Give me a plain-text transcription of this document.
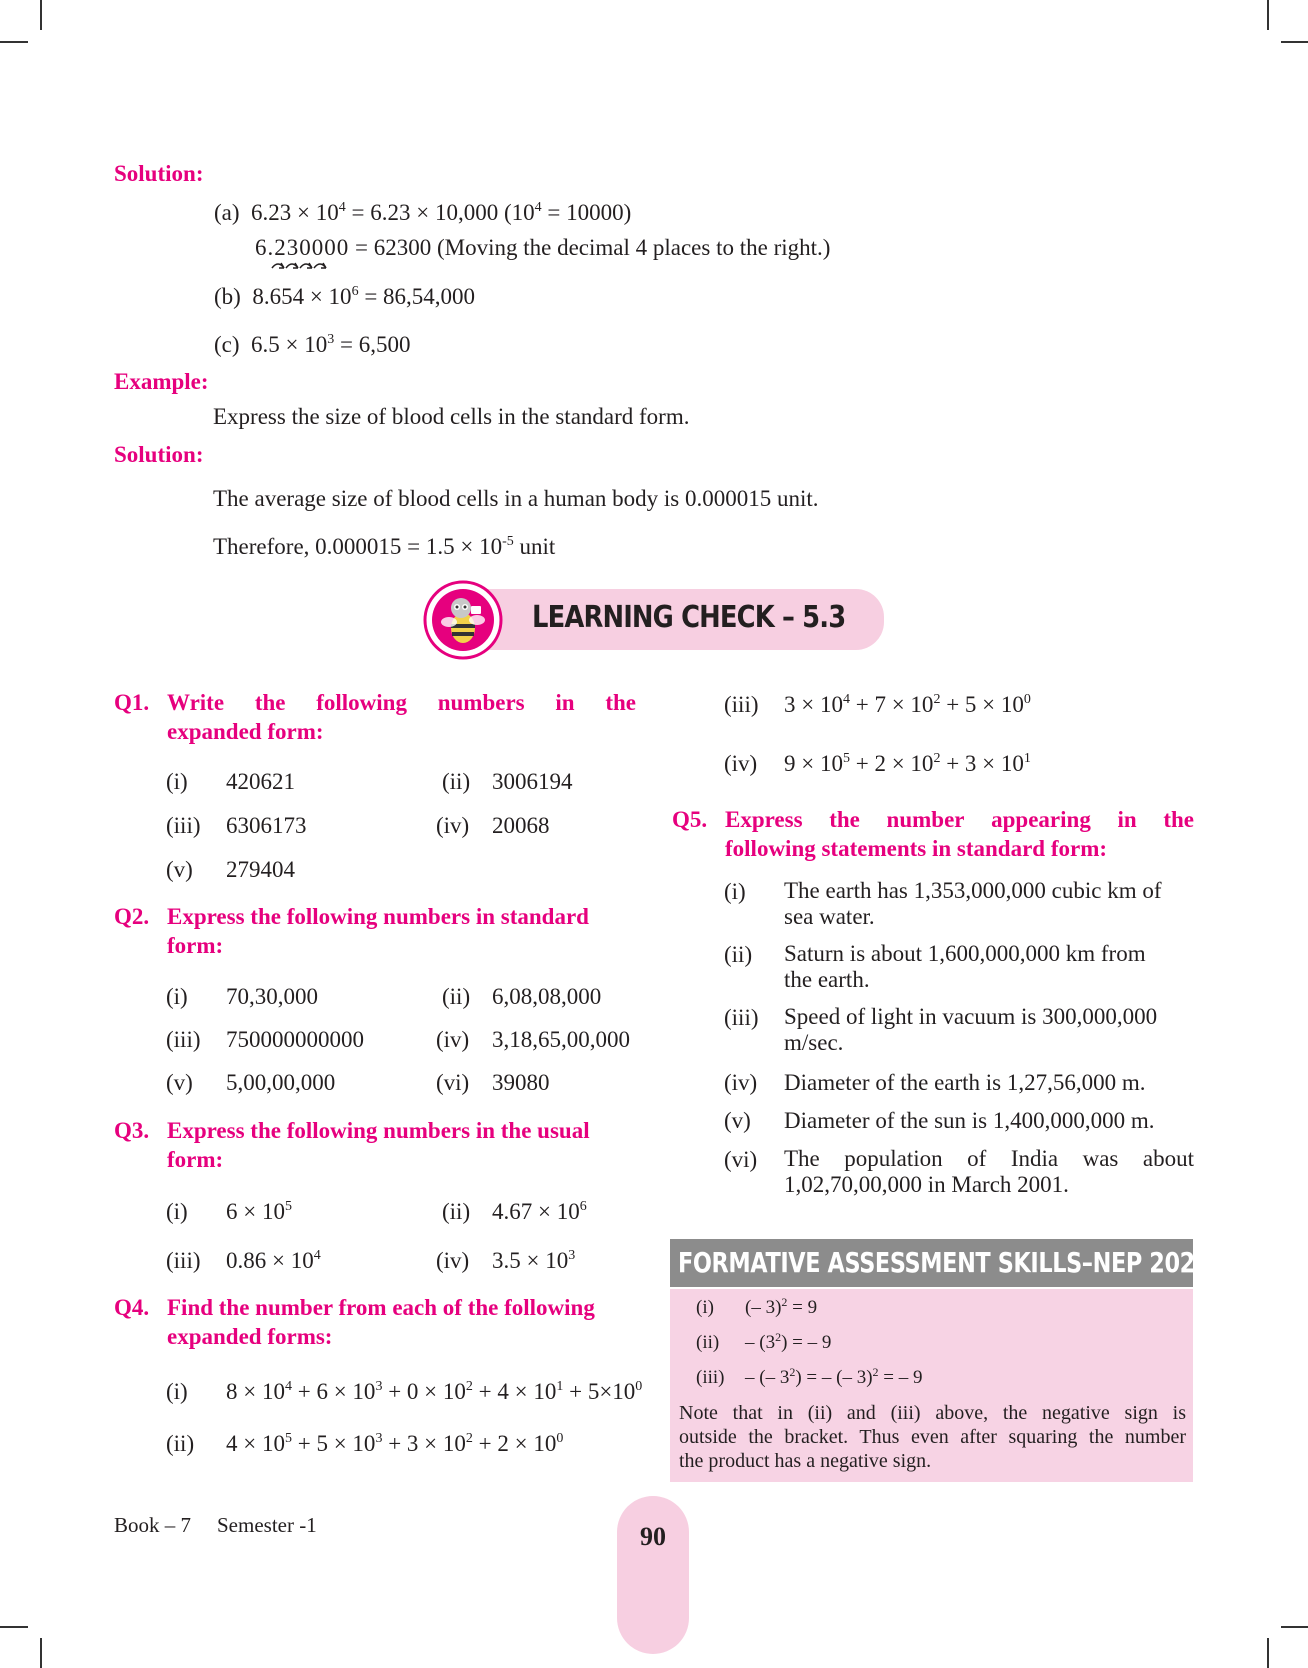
Solution:
(a) $6.23 \times 10^4 = 6.23 \times 10,000$ $(10^4 = 10000)$
6.230000 = 62300 (Moving the decimal 4 places to the right.)
(b) $8.654 \times 10^6 = 86,54,000$
(c) $6.5 \times 10^3 = 6,500$
Example:
Express the size of blood cells in the standard form.
Solution:
The average size of blood cells in a human body is 0.000015 unit.
Therefore, $0.000015 = 1.5 \times 10^{-5}$ unit
LEARNING CHECK – 5.3
Q1. Write the following numbers in the
expanded form:
(i) 420621	(ii) 3006194
(iii) 6306173	(iv) 20068
(v) 279404
Q2. Express the following numbers in standard
form:
(i) 70,30,000	(ii) 6,08,08,000
(iii) 750000000000	(iv) 3,18,65,00,000
(v) 5,00,00,000	(vi) 39080
Q3. Express the following numbers in the usual
form:
(i) $6 \times 10^5$	(ii) $4.67 \times 10^6$
(iii) $0.86 \times 10^4$	(iv) $3.5 \times 10^3$
Q4. Find the number from each of the following
expanded forms:
(i) $8 \times 10^4 + 6 \times 10^3 + 0 \times 10^2 + 4 \times 10^1 + 5\times 10^0$
(ii) $4 \times 10^5 + 5 \times 10^3 + 3 \times 10^2 + 2 \times 10^0$
(iii) $3 \times 10^4 + 7 \times 10^2 + 5 \times 10^0$
(iv) $9 \times 10^5 + 2 \times 10^2 + 3 \times 10^1$
Q5. Express the number appearing in the
following statements in standard form:
(i) The earth has 1,353,000,000 cubic km of
sea water.
(ii) Saturn is about 1,600,000,000 km from
the earth.
(iii) Speed of light in vacuum is 300,000,000
m/sec.
(iv) Diameter of the earth is 1,27,56,000 m.
(v) Diameter of the sun is 1,400,000,000 m.
(vi) The population of India was about
1,02,70,00,000 in March 2001.
FORMATIVE ASSESSMENT SKILLS–NEP 2020
(i) (– 3)$^2$ = 9
$(ii) - (3^2)$ = – 9
(iii) – (– $3^2$) = – (– 3)$^2$ = – 9
Note that in (ii) and (iii) above, the negative sign is
outside the bracket. Thus even after squaring the number
the product has a negative sign.
Book – 7 Semester -1	90
